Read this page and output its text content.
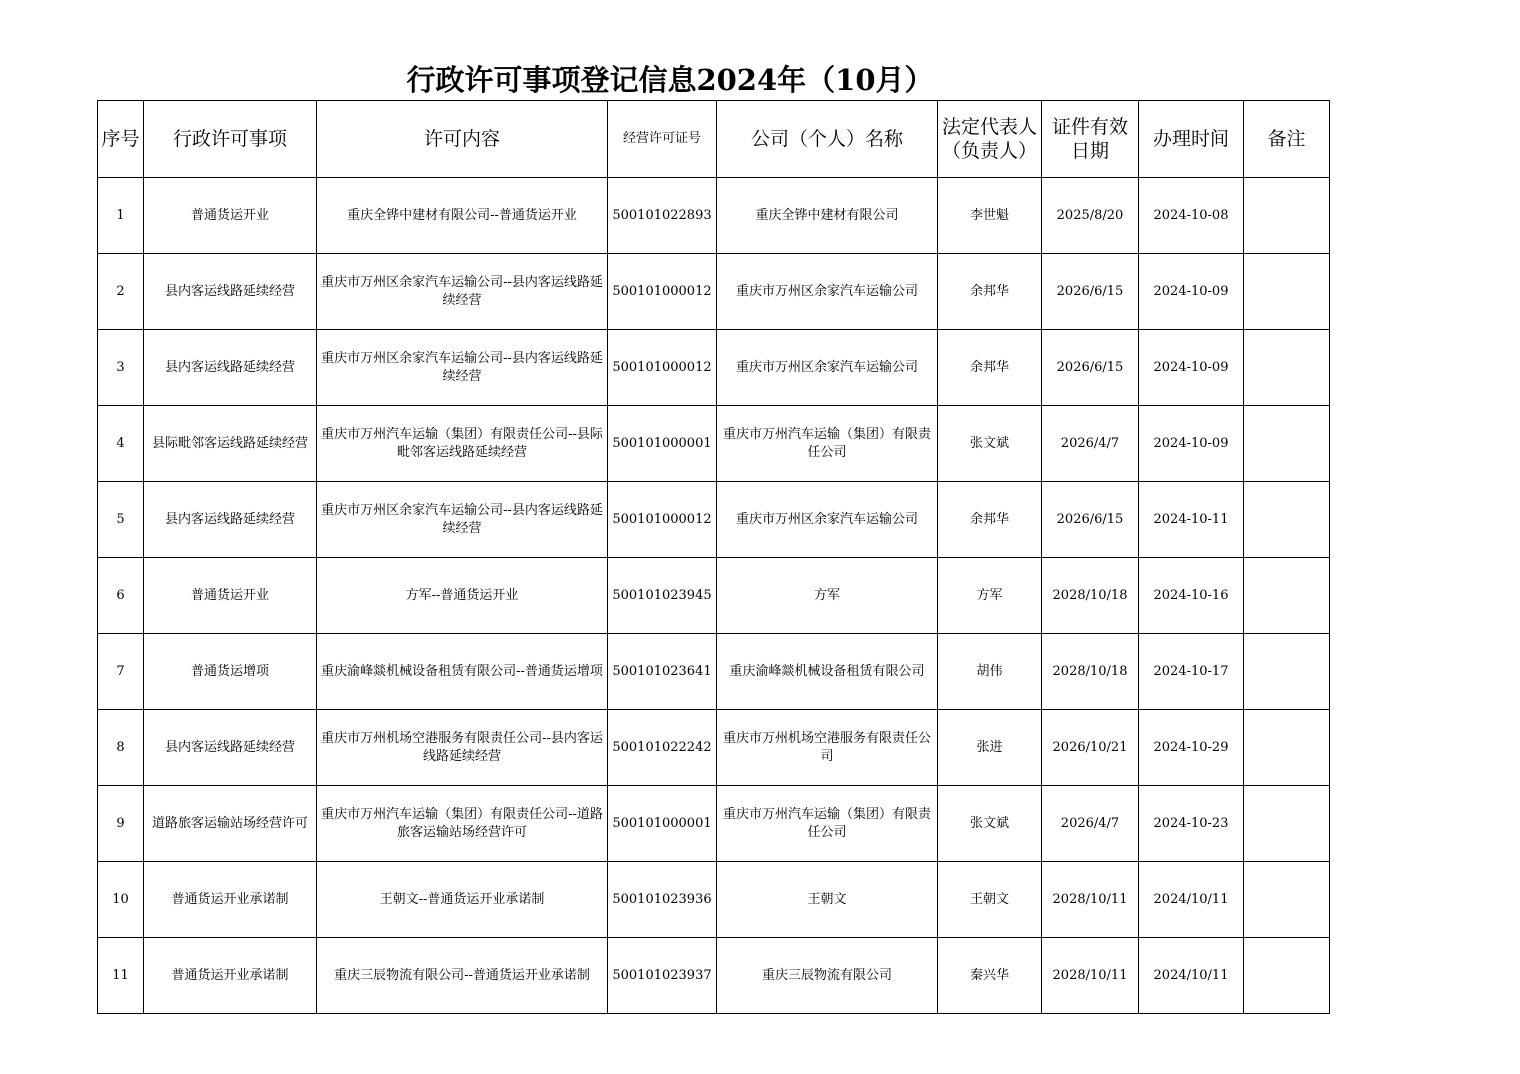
行政许可事项登记信息2024年（10月）
序号	行政许可事项	许可内容	经营许可证号	公司（个人）名称	法定代表人（负责人）	证件有效日期	办理时间	备注
1	普通货运开业	重庆全铧中建材有限公司--普通货运开业	500101022893	重庆全铧中建材有限公司	李世魁	2025/8/20	2024-10-08	
2	县内客运线路延续经营	重庆市万州区余家汽车运输公司--县内客运线路延续经营	500101000012	重庆市万州区余家汽车运输公司	余邦华	2026/6/15	2024-10-09	
3	县内客运线路延续经营	重庆市万州区余家汽车运输公司--县内客运线路延续经营	500101000012	重庆市万州区余家汽车运输公司	余邦华	2026/6/15	2024-10-09	
4	县际毗邻客运线路延续经营	重庆市万州汽车运输（集团）有限责任公司--县际毗邻客运线路延续经营	500101000001	重庆市万州汽车运输（集团）有限责任公司	张文斌	2026/4/7	2024-10-09	
5	县内客运线路延续经营	重庆市万州区余家汽车运输公司--县内客运线路延续经营	500101000012	重庆市万州区余家汽车运输公司	余邦华	2026/6/15	2024-10-11	
6	普通货运开业	方军--普通货运开业	500101023945	方军	方军	2028/10/18	2024-10-16	
7	普通货运增项	重庆渝峰燚机械设备租赁有限公司--普通货运增项	500101023641	重庆渝峰燚机械设备租赁有限公司	胡伟	2028/10/18	2024-10-17	
8	县内客运线路延续经营	重庆市万州机场空港服务有限责任公司--县内客运线路延续经营	500101022242	重庆市万州机场空港服务有限责任公司	张进	2026/10/21	2024-10-29	
9	道路旅客运输站场经营许可	重庆市万州汽车运输（集团）有限责任公司--道路旅客运输站场经营许可	500101000001	重庆市万州汽车运输（集团）有限责任公司	张文斌	2026/4/7	2024-10-23	
10	普通货运开业承诺制	王朝文--普通货运开业承诺制	500101023936	王朝文	王朝文	2028/10/11	2024/10/11	
11	普通货运开业承诺制	重庆三辰物流有限公司--普通货运开业承诺制	500101023937	重庆三辰物流有限公司	秦兴华	2028/10/11	2024/10/11	
